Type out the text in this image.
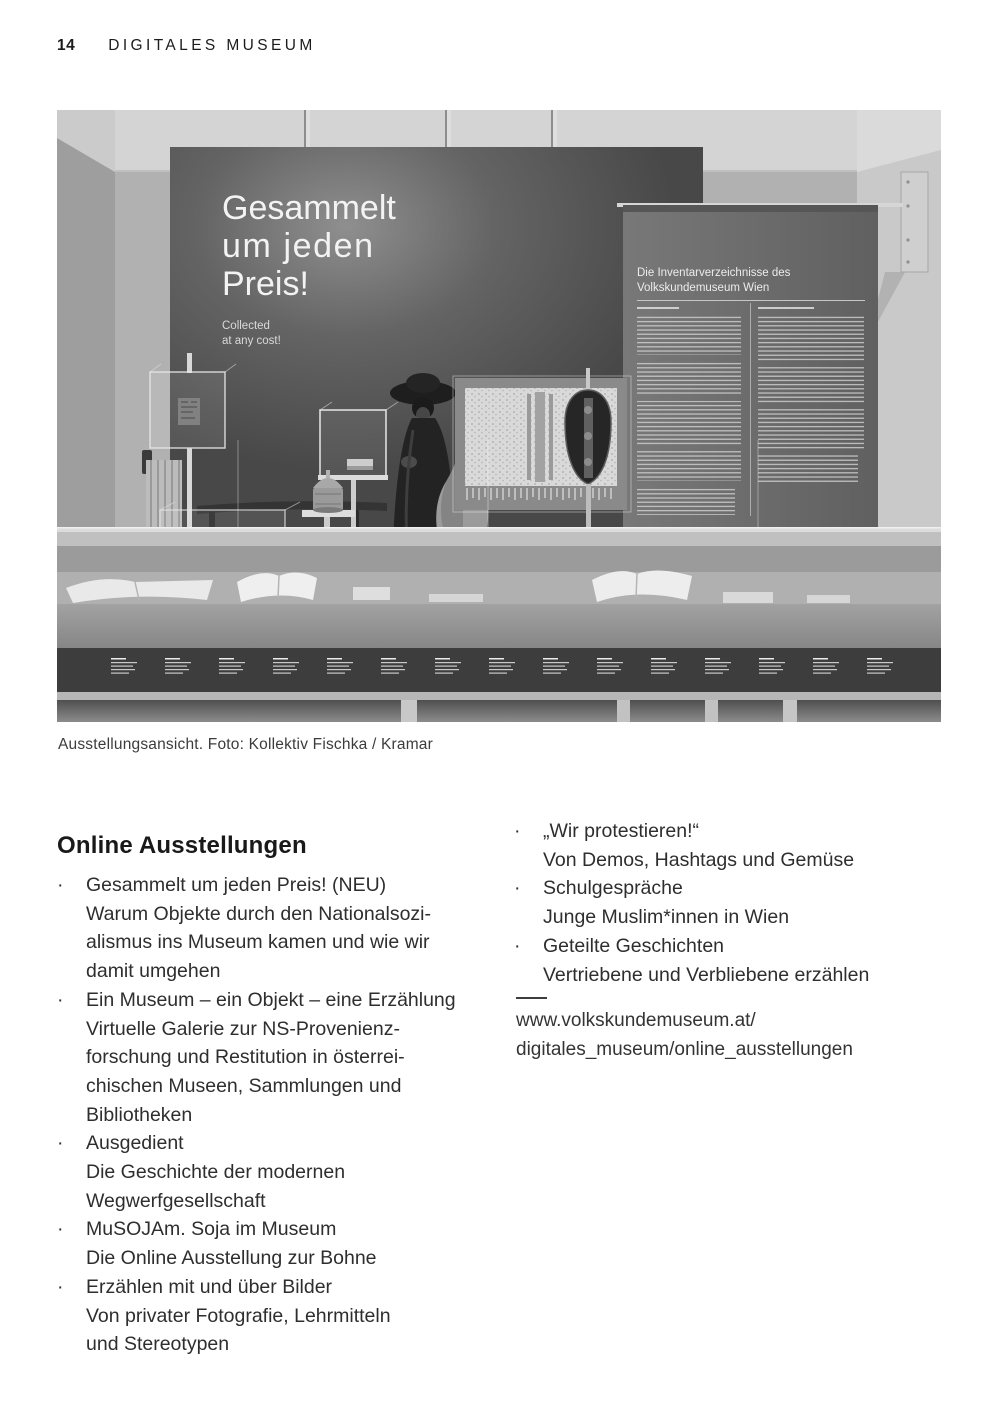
14 DIGITALES MUSEUM
Gesammelt
um jeden
Preis!
Collected
at any cost!
Die Inventarverzeichnisse des
Volkskundemuseum Wien
Ausstellungsansicht. Foto: Kollektiv Fischka / Kramar
Online Ausstellungen
·	Gesammelt um jeden Preis! (NEU)
Warum Objekte durch den Nationalsozi-
alismus ins Museum kamen und wie wir
damit umgehen
·	Ein Museum – ein Objekt – eine Erzählung
Virtuelle Galerie zur NS-Provenienz-
forschung und Restitution in österrei-
chischen Museen, Sammlungen und
Bibliotheken
·	Ausgedient
Die Geschichte der modernen
Wegwerfgesellschaft
·	MuSOJAm. Soja im Museum
Die Online Ausstellung zur Bohne
·	Erzählen mit und über Bilder
Von privater Fotografie, Lehrmitteln
und Stereotypen
·	„Wir protestieren!“
Von Demos, Hashtags und Gemüse
·	Schulgespräche
Junge Muslim*innen in Wien
·	Geteilte Geschichten
Vertriebene und Verbliebene erzählen
www.volkskundemuseum.at/
digitales_museum/online_ausstellungen
